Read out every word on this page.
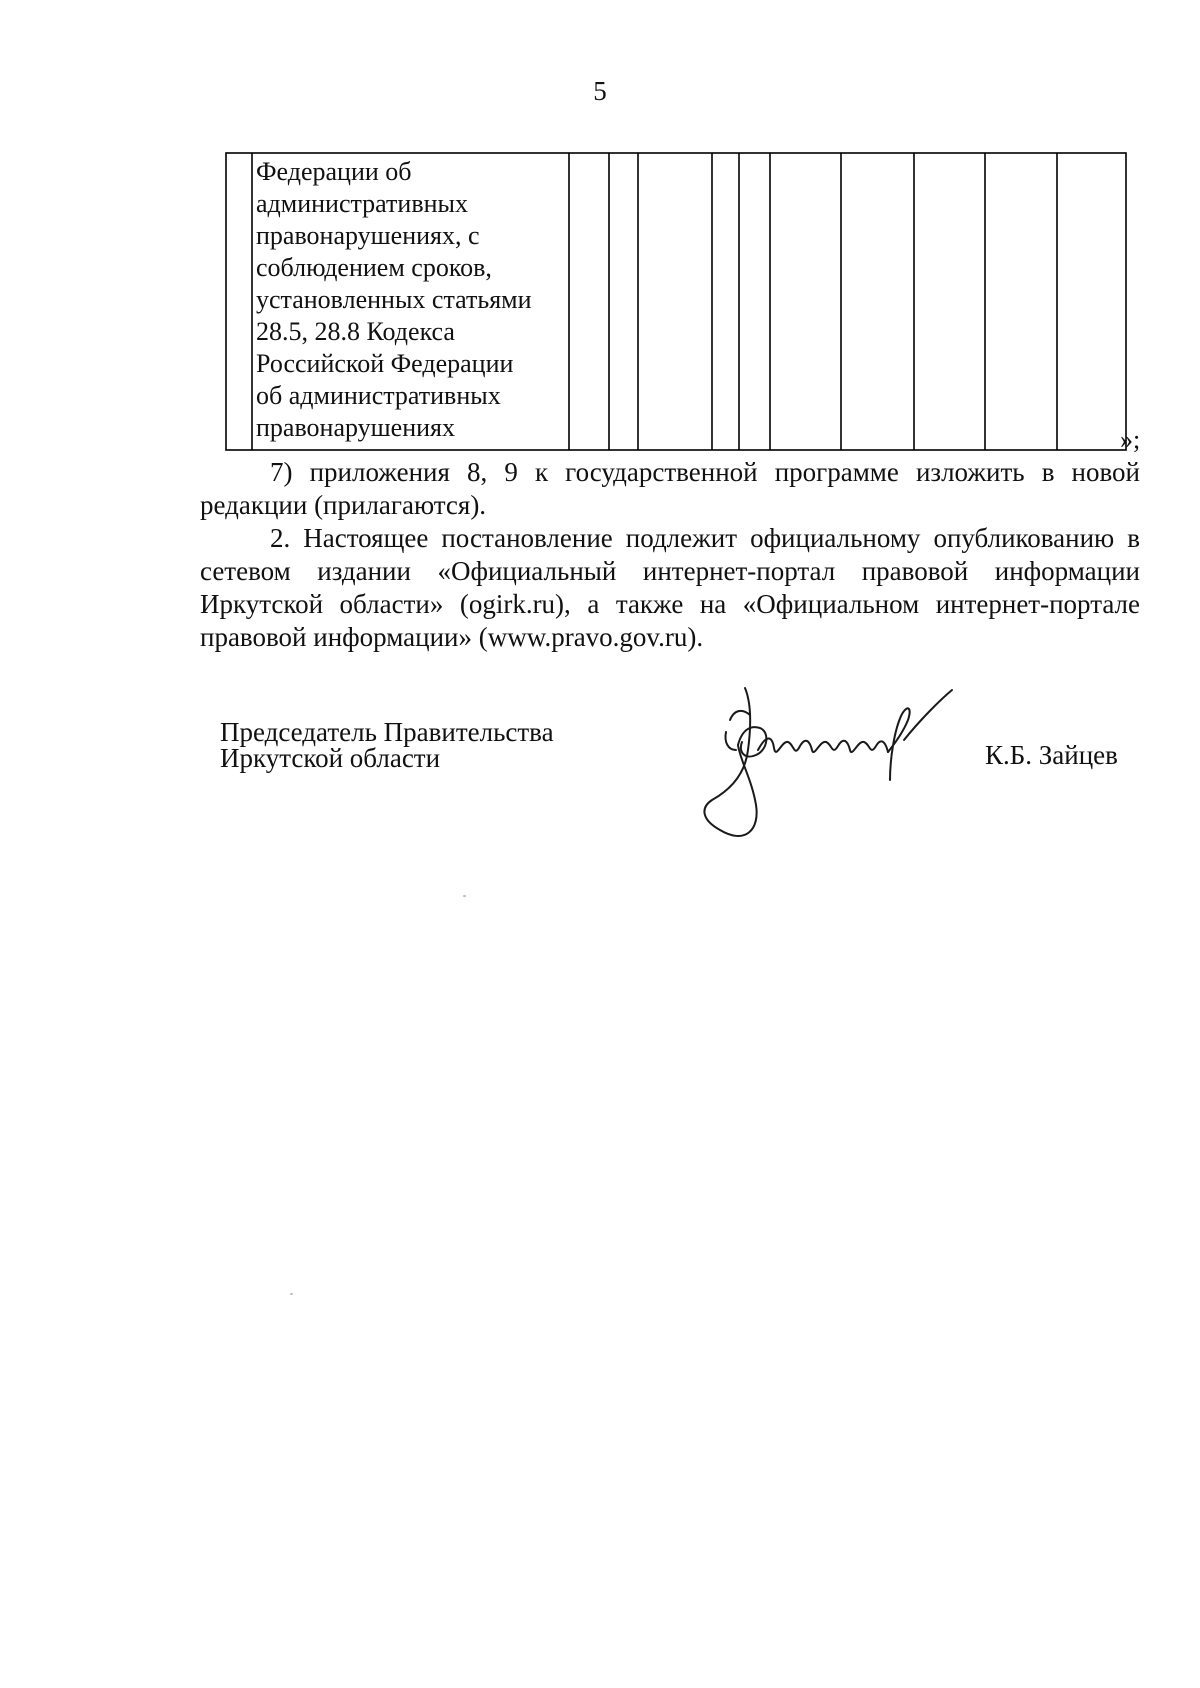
5
Федерации об
административных
правонарушениях, с
соблюдением сроков,
установленных статьями
28.5, 28.8 Кодекса
Российской Федерации
об административных
правонарушениях	»;

7) приложения 8, 9 к государственной программе изложить в новой редакции (прилагаются).

2. Настоящее постановление подлежит официальному опубликованию в сетевом издании «Официальный интернет-портал правовой информации Иркутской области» (ogirk.ru), а также на «Официальном интернет-портале правовой информации» (www.pravo.gov.ru).

Председатель Правительства
Иркутской области	К.Б. Зайцев
